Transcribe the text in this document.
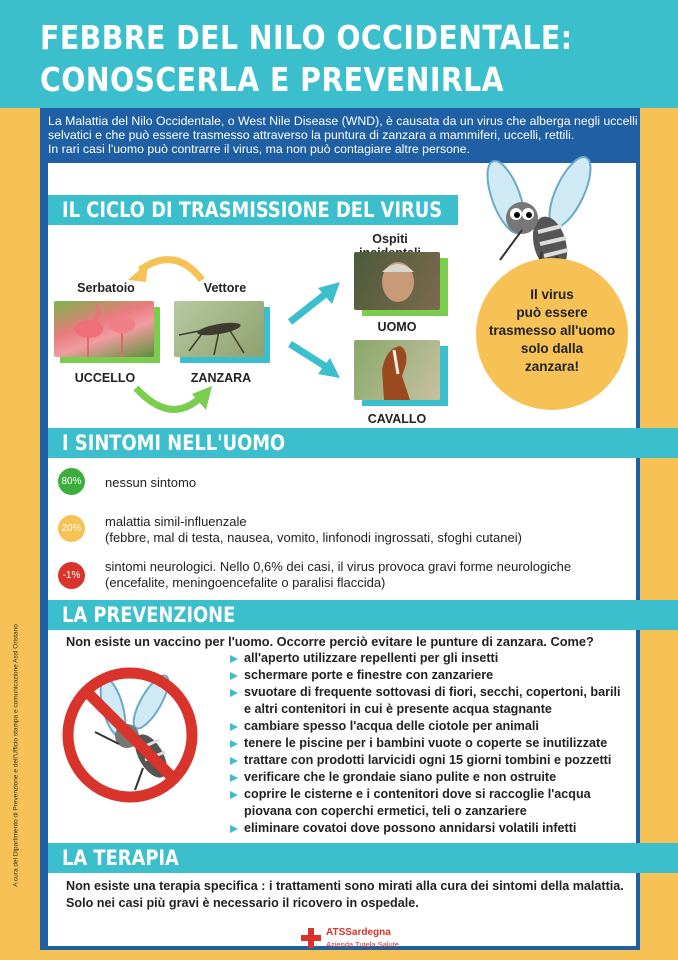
FEBBRE DEL NILO OCCIDENTALE:
CONOSCERLA E PREVENIRLA

La Malattia del Nilo Occidentale, o West Nile Disease (WND), è causata da un virus che alberga negli uccelli selvatici e che può essere trasmesso attraverso la puntura di zanzara a mammiferi, uccelli, rettili.

In rari casi l'uomo può contrarre il virus, ma non può contagiare altre persone.

IL CICLO DI TRASMISSIONE DEL VIRUS
Serbatoio
UCCELLO
Vettore
ZANZARA
Ospiti
UOMO
CAVALLO
Il virus
può essere
trasmesso all'uomo
solo dalla
zanzara!
I SINTOMI NELL'UOMO
80% nessun sintomo
20% malattia simil-influenzale
(febbre, mal di testa, nausea, vomito, linfonodi ingrossati, sfoghi cutanei)
-1%
sintomi neurologici. Nello 0,6% dei casi, il virus provoca gravi forme neurologiche
(encefalite, meningoencefalite o paralisi flaccida)
LA PREVENZIONE
Non esiste un vaccino per l'uomo. Occorre perciò evitare le punture di zanzara. Come?
all'aperto utilizzare repellenti per gli insetti
schermare porte e finestre con zanzariere
svuotare di frequente sottovasi di fiori, secchi, copertoni, barili e altri contenitori in cui è presente acqua stagnante
cambiare spesso l'acqua delle ciotole per animali
tenere le piscine per i bambini vuote o coperte se inutilizzate
trattare con prodotti larvicidi ogni 15 giorni tombini e pozzetti
verificare che le grondaie siano pulite e non ostruite
coprire le cisterne e i contenitori dove si raccoglie l'acqua piovana con coperchi ermetici, teli o zanzariere
eliminare covatoi dove possono annidarsi volatili infetti
LA TERAPIA
Non esiste una terapia specifica : i trattamenti sono mirati alla cura dei sintomi della malattia.
Solo nei casi più gravi è necessario il ricovero in ospedale.
ATSSardegna
Azienda Tutela Salute
A cura del Dipartimento di Prevenzione e dell'Ufficio stampa e comunicazione Assl Oristano
